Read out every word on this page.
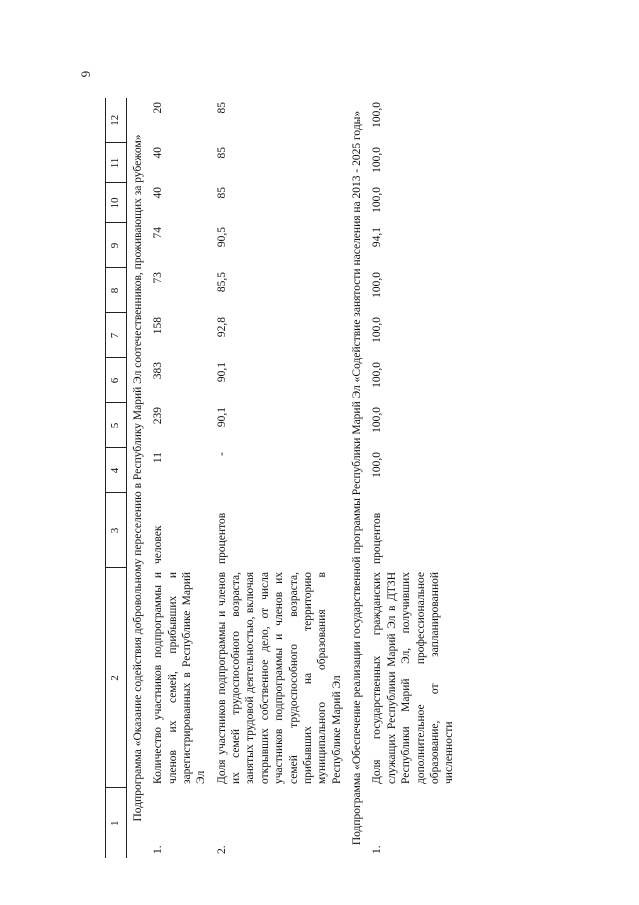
6
1	2	3	4	5	6	7	8	9	10	11	12
Подпрограмма «Оказание содействия добровольному переселению в Республику Марий Эл соотечественников, проживающих за рубежом»											
1.	Количество участников подпрограммы и членов их семей, прибывших и зарегистрированных в Республике Марий Эл	человек	11	239	383	158	73	74	40	40	20
2.	Доля участников подпрограммы и членов их семей трудоспособного возраста, занятых трудовой деятельностью, включая открывших собственное дело, от числа участников подпрограммы и членов их семей трудоспособного возраста, прибывших на территорию муниципального образования в Республике Марий Эл	процентов	-	90,1	90,1	92,8	85,5	90,5	85	85	85
Подпрограмма «Обеспечение реализации государственной программы Республики Марий Эл «Содействие занятости населения на 2013 - 2025 годы»											
1.	Доля государственных гражданских служащих Республики Марий Эл в ДТЗН Республики Марий Эл, получивших дополнительное профессиональное образование, от запланированной численности	процентов	100,0	100,0	100,0	100,0	100,0	94,1	100,0	100,0	100,0
